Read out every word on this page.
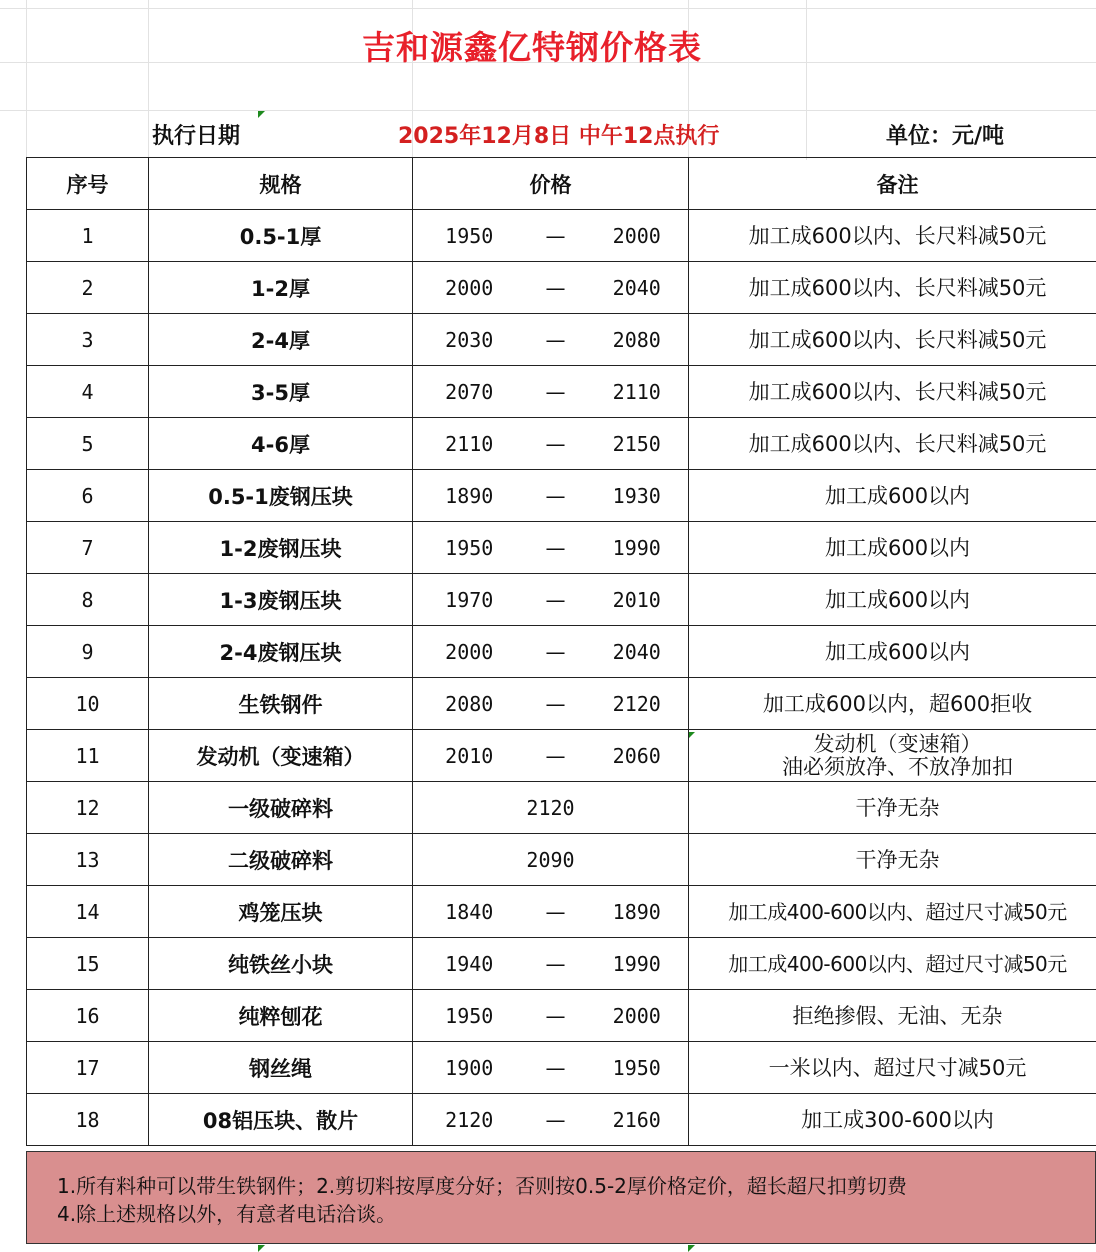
吉和源鑫亿特钢价格表
执行日期	2025年12月8日 中午12点执行	单位：元/吨
序号	规格	价格			备注
1	0.5-1厚	1950	—	2000	加工成600以内、长尺料减50元
2	1-2厚	2000	—	2040	加工成600以内、长尺料减50元
3	2-4厚	2030	—	2080	加工成600以内、长尺料减50元
4	3-5厚	2070	—	2110	加工成600以内、长尺料减50元
5	4-6厚	2110	—	2150	加工成600以内、长尺料减50元
6	0.5-1废钢压块	1890	—	1930	加工成600以内
7	1-2废钢压块	1950	—	1990	加工成600以内
8	1-3废钢压块	1970	—	2010	加工成600以内
9	2-4废钢压块	2000	—	2040	加工成600以内
10	生铁钢件	2080	—	2120	加工成600以内，超600拒收
11	发动机（变速箱）	2010	—	2060	发动机（变速箱）
油必须放净、不放净加扣

12	一级破碎料	2120			干净无杂
13	二级破碎料	2090			干净无杂
14	鸡笼压块	1840	—	1890	加工成400-600以内、超过尺寸减50元
15	纯铁丝小块	1940	—	1990	加工成400-600以内、超过尺寸减50元
16	纯粹刨花	1950	—	2000	拒绝掺假、无油、无杂
17	钢丝绳	1900	—	1950	一米以内、超过尺寸减50元
18	08铝压块、散片	2120	—	2160	加工成300-600以内
1.所有料种可以带生铁钢件；2.剪切料按厚度分好；否则按0.5-2厚价格定价，超长超尺扣剪切费
4.除上述规格以外，有意者电话洽谈。
